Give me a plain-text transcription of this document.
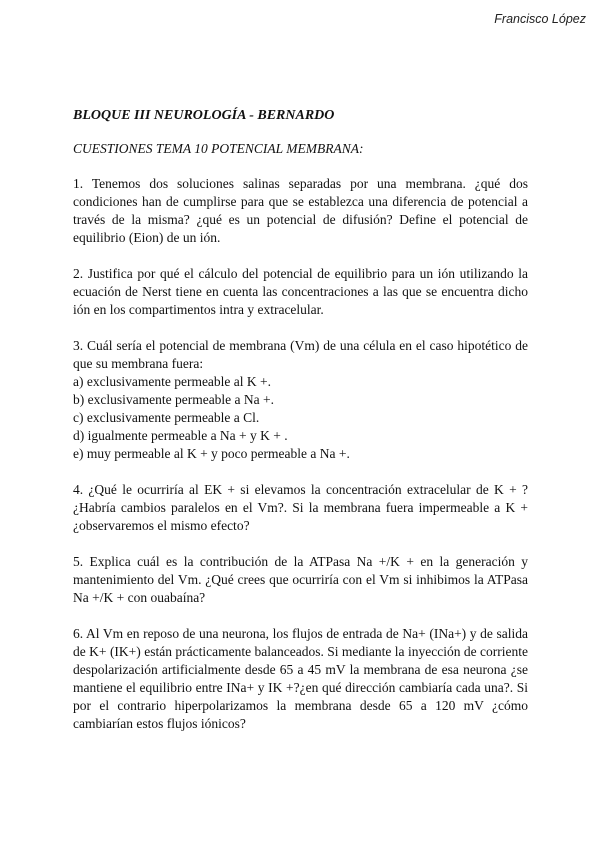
Francisco López
BLOQUE III NEUROLOGÍA - BERNARDO
CUESTIONES TEMA 10 POTENCIAL MEMBRANA:

1. Tenemos dos soluciones salinas separadas por una membrana. ¿qué dos condiciones han de cumplirse para que se establezca una diferencia de potencial a través de la misma? ¿qué es un potencial de difusión? Define el potencial de equilibrio (Eion) de un ión.

2. Justifica por qué el cálculo del potencial de equilibrio para un ión utilizando la ecuación de Nerst tiene en cuenta las concentraciones a las que se encuentra dicho ión en los compartimentos intra y extracelular.

3. Cuál sería el potencial de membrana (Vm) de una célula en el caso hipotético de que su membrana fuera:

a) exclusivamente permeable al K +.
b) exclusivamente permeable a Na +.
c) exclusivamente permeable a Cl.
d) igualmente permeable a Na + y K + .
e) muy permeable al K + y poco permeable a Na +.

4. ¿Qué le ocurriría al EK + si elevamos la concentración extracelular de K + ? ¿Habría cambios paralelos en el Vm?. Si la membrana fuera impermeable a K + ¿observaremos el mismo efecto?

5. Explica cuál es la contribución de la ATPasa Na +/K + en la generación y mantenimiento del Vm. ¿Qué crees que ocurriría con el Vm si inhibimos la ATPasa Na +/K + con ouabaína?

6. Al Vm en reposo de una neurona, los flujos de entrada de Na+ (INa+) y de salida de K+ (IK+) están prácticamente balanceados. Si mediante la inyección de corriente despolarización artificialmente desde 65 a 45 mV la membrana de esa neurona ¿se mantiene el equilibrio entre INa+ y IK +?¿en qué dirección cambiaría cada una?. Si por el contrario hiperpolarizamos la membrana desde 65 a 120 mV ¿cómo cambiarían estos flujos iónicos?
